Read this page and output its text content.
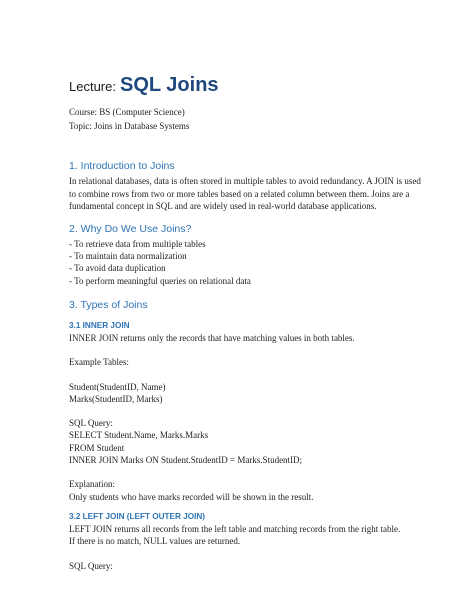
Lecture: SQL Joins
Course: BS (Computer Science)
Topic: Joins in Database Systems
1. Introduction to Joins
In relational databases, data is often stored in multiple tables to avoid redundancy. A JOIN is used to combine rows from two or more tables based on a related column between them. Joins are a fundamental concept in SQL and are widely used in real-world database applications.
2. Why Do We Use Joins?
- To retrieve data from multiple tables
- To maintain data normalization
- To avoid data duplication
- To perform meaningful queries on relational data
3. Types of Joins
3.1 INNER JOIN
INNER JOIN returns only the records that have matching values in both tables.
Example Tables:
Student(StudentID, Name)
Marks(StudentID, Marks)
SQL Query:
SELECT Student.Name, Marks.Marks
FROM Student
INNER JOIN Marks ON Student.StudentID = Marks.StudentID;
Explanation:
Only students who have marks recorded will be shown in the result.
3.2 LEFT JOIN (LEFT OUTER JOIN)
LEFT JOIN returns all records from the left table and matching records from the right table.
If there is no match, NULL values are returned.
SQL Query:
